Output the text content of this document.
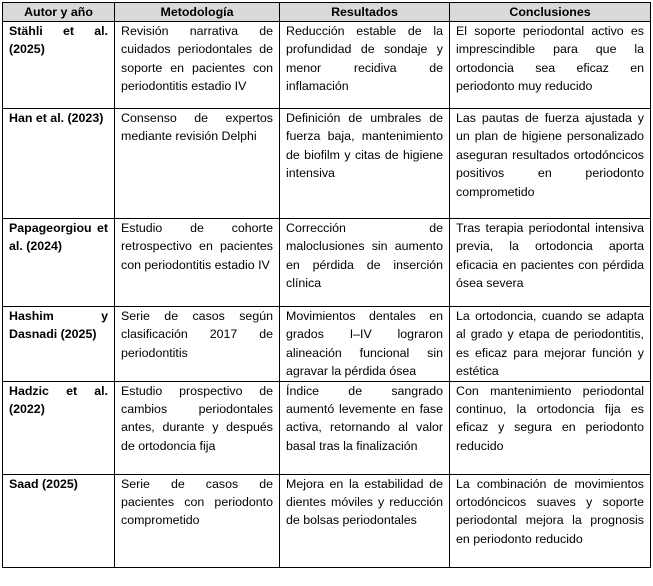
Autor y año	Metodología	Resultados	Conclusiones
Stähli et al. (2025)	Revisión narrativa de cuidados periodontales de soporte en pacientes con periodontitis estadio IV	Reducción estable de la profundidad de sondaje y menor recidiva de inflamación	El soporte periodontal activo es imprescindible para que la ortodoncia sea eficaz en periodonto muy reducido
Han et al. (2023)	Consenso de expertos mediante revisión Delphi	Definición de umbrales de fuerza baja, mantenimiento de biofilm y citas de higiene intensiva	Las pautas de fuerza ajustada y un plan de higiene personalizado aseguran resultados ortodóncicos positivos en periodonto comprometido
Papageorgiou et al. (2024)	Estudio de cohorte retrospectivo en pacientes con periodontitis estadio IV	Corrección de maloclusiones sin aumento en pérdida de inserción clínica	Tras terapia periodontal intensiva previa, la ortodoncia aporta eficacia en pacientes con pérdida ósea severa
Hashim y Dasnadi (2025)	Serie de casos según clasificación 2017 de periodontitis	Movimientos dentales en grados I–IV lograron alineación funcional sin agravar la pérdida ósea	La ortodoncia, cuando se adapta al grado y etapa de periodontitis, es eficaz para mejorar función y estética
Hadzic et al. (2022)	Estudio prospectivo de cambios periodontales antes, durante y después de ortodoncia fija	Índice de sangrado aumentó levemente en fase activa, retornando al valor basal tras la finalización	Con mantenimiento periodontal continuo, la ortodoncia fija es eficaz y segura en periodonto reducido
Saad (2025)	Serie de casos de pacientes con periodonto comprometido	Mejora en la estabilidad de dientes móviles y reducción de bolsas periodontales	La combinación de movimientos ortodóncicos suaves y soporte periodontal mejora la prognosis en periodonto reducido
